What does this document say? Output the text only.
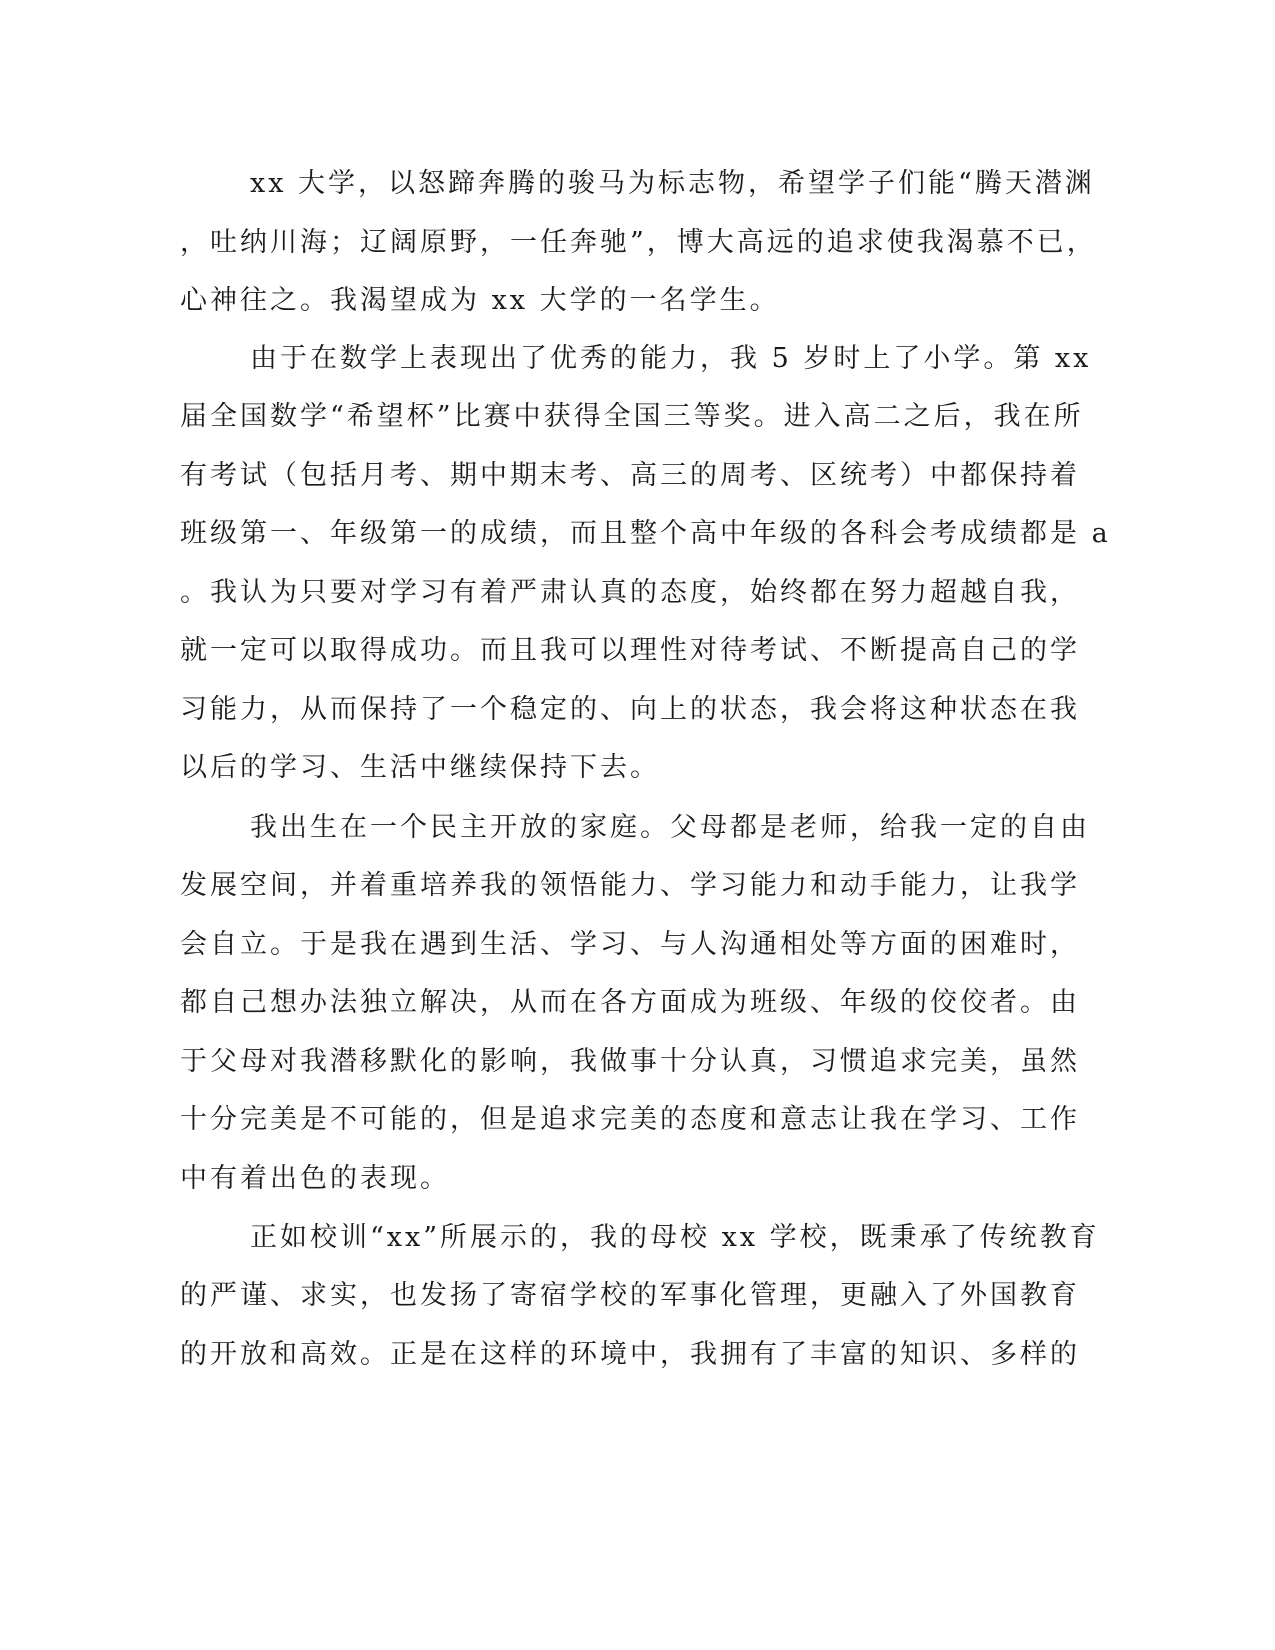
xx 大学，以怒蹄奔腾的骏马为标志物，希望学子们能“腾天潜渊
，吐纳川海；辽阔原野，一任奔驰”，博大高远的追求使我渴慕不已，
心神往之。我渴望成为 xx 大学的一名学生。
由于在数学上表现出了优秀的能力，我 5 岁时上了小学。第 xx
届全国数学“希望杯”比赛中获得全国三等奖。进入高二之后，我在所
有考试（包括月考、期中期末考、高三的周考、区统考）中都保持着
班级第一、年级第一的成绩，而且整个高中年级的各科会考成绩都是 a
。我认为只要对学习有着严肃认真的态度，始终都在努力超越自我，
就一定可以取得成功。而且我可以理性对待考试、不断提高自己的学
习能力，从而保持了一个稳定的、向上的状态，我会将这种状态在我
以后的学习、生活中继续保持下去。
我出生在一个民主开放的家庭。父母都是老师，给我一定的自由
发展空间，并着重培养我的领悟能力、学习能力和动手能力，让我学
会自立。于是我在遇到生活、学习、与人沟通相处等方面的困难时，
都自己想办法独立解决，从而在各方面成为班级、年级的佼佼者。由
于父母对我潜移默化的影响，我做事十分认真，习惯追求完美，虽然
十分完美是不可能的，但是追求完美的态度和意志让我在学习、工作
中有着出色的表现。
正如校训“xx”所展示的，我的母校 xx 学校，既秉承了传统教育
的严谨、求实，也发扬了寄宿学校的军事化管理，更融入了外国教育
的开放和高效。正是在这样的环境中，我拥有了丰富的知识、多样的
